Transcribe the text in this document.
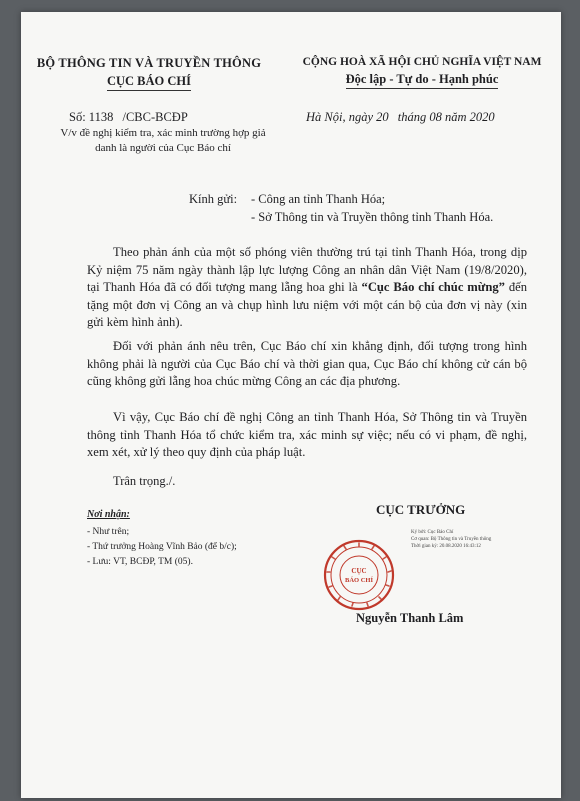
BỘ THÔNG TIN VÀ TRUYỀN THÔNG
CỤC BÁO CHÍ
CỘNG HOÀ XÃ HỘI CHỦ NGHĨA VIỆT NAM
Độc lập - Tự do - Hạnh phúc
Số: 1138 /CBC-BCĐP
V/v đề nghị kiểm tra, xác minh trường hợp giả
danh là người của Cục Báo chí
Hà Nội, ngày 20 tháng 08 năm 2020
Kính gửi: - Công an tỉnh Thanh Hóa;
- Sở Thông tin và Truyền thông tỉnh Thanh Hóa.
Theo phản ánh của một số phóng viên thường trú tại tỉnh Thanh Hóa, trong dịp Kỷ niệm 75 năm ngày thành lập lực lượng Công an nhân dân Việt Nam (19/8/2020), tại Thanh Hóa đã có đối tượng mang lẵng hoa ghi là “Cục Báo chí chúc mừng” đến tặng một đơn vị Công an và chụp hình lưu niệm với một cán bộ của đơn vị này (xin gửi kèm hình ảnh).
Đối với phản ánh nêu trên, Cục Báo chí xin khẳng định, đối tượng trong hình không phải là người của Cục Báo chí và thời gian qua, Cục Báo chí không cử cán bộ cũng không gửi lẵng hoa chúc mừng Công an các địa phương.
Vì vậy, Cục Báo chí đề nghị Công an tỉnh Thanh Hóa, Sở Thông tin và Truyền thông tỉnh Thanh Hóa tổ chức kiểm tra, xác minh sự việc; nếu có vi phạm, đề nghị, xem xét, xử lý theo quy định của pháp luật.
Trân trọng./.
Nơi nhận:
- Như trên;
- Thứ trưởng Hoàng Vĩnh Bảo (để b/c);
- Lưu: VT, BCĐP, TM (05).
CỤC TRƯỞNG
Ký bởi: Cục Báo Chí
Cơ quan: Bộ Thông tin và Truyền thông
Thời gian ký: 20.08.2020 16:43:12
CỤC
BÁO CHÍ
Nguyễn Thanh Lâm
